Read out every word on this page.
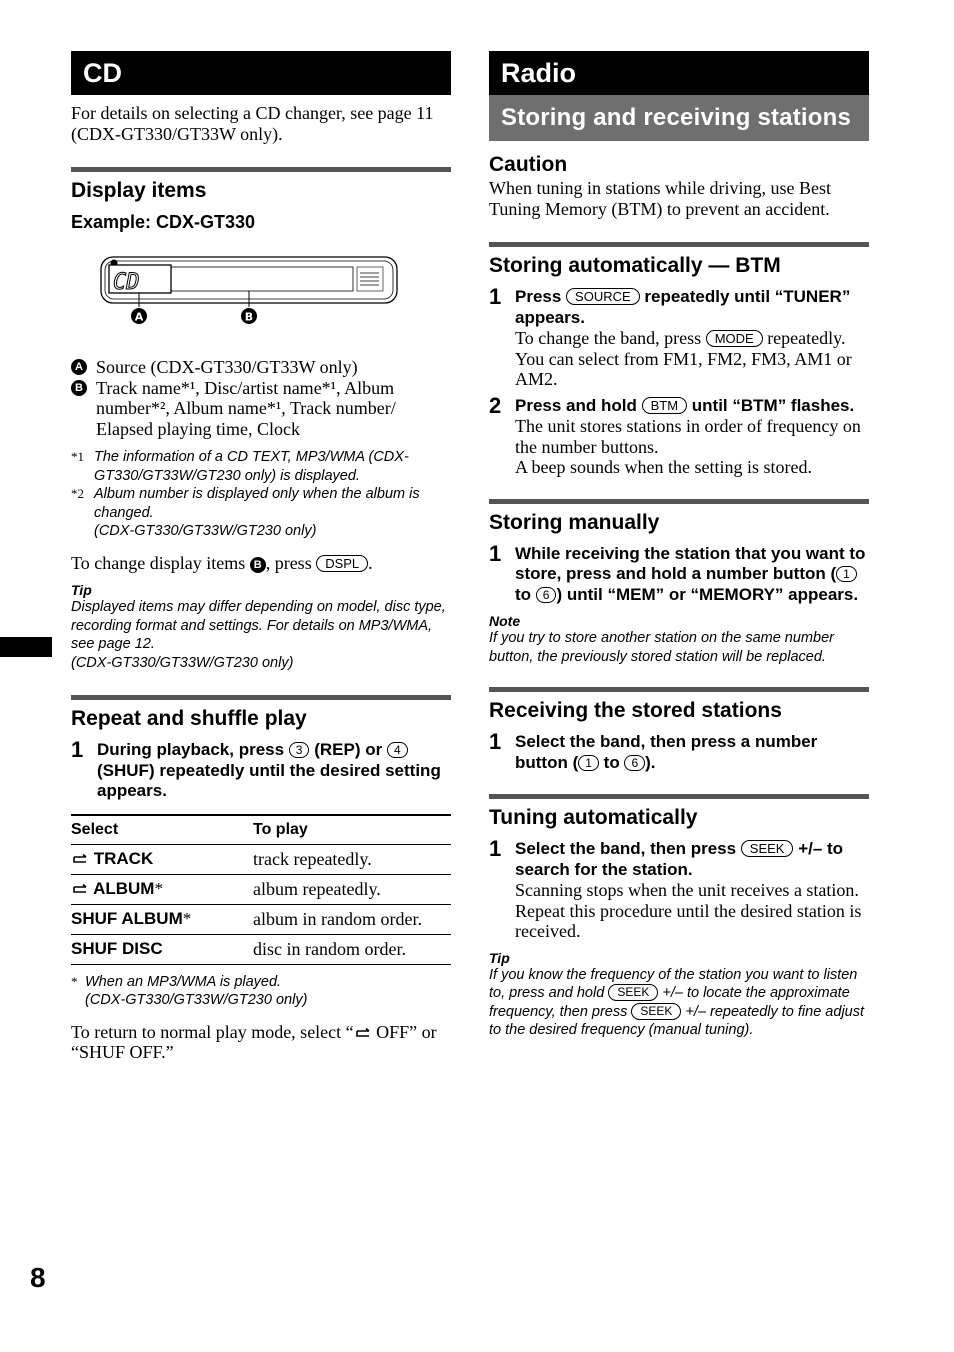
CD
For details on selecting a CD changer, see page 11 (CDX-GT330/GT33W only).
Display items
Example: CDX-GT330
CD
A	B
A Source (CDX-GT330/GT33W only)
B Track name*¹, Disc/artist name*¹, Album number*², Album name*¹, Track number/ Elapsed playing time, Clock
*1 The information of a CD TEXT, MP3/WMA (CDX-GT330/GT33W/GT230 only) is displayed.
*2 Album number is displayed only when the album is changed.
(CDX-GT330/GT33W/GT230 only)
To change display items B , press DSPL .
Tip
Displayed items may differ depending on model, disc type, recording format and settings. For details on MP3/WMA, see page 12.
(CDX-GT330/GT33W/GT230 only)
Repeat and shuffle play
1 During playback, press 3 (REP) or 4 (SHUF) repeatedly until the desired setting appears.
Select	To play
TRACK	track repeatedly.
ALBUM*	album repeatedly.
SHUF ALBUM*	album in random order.
SHUF DISC	disc in random order.
* When an MP3/WMA is played.
(CDX-GT330/GT33W/GT230 only)
To return to normal play mode, select “ OFF” or “SHUF OFF.”
Radio
Storing and receiving stations
Caution
When tuning in stations while driving, use Best Tuning Memory (BTM) to prevent an accident.
Storing automatically — BTM
1 Press SOURCE repeatedly until “TUNER” appears.
To change the band, press MODE repeatedly. You can select from FM1, FM2, FM3, AM1 or AM2.
2 Press and hold BTM until “BTM” flashes.
The unit stores stations in order of frequency on the number buttons.
A beep sounds when the setting is stored.
Storing manually
1 While receiving the station that you want to store, press and hold a number button ( 1 to 6 ) until “MEM” or “MEMORY” appears.
Note
If you try to store another station on the same number button, the previously stored station will be replaced.
Receiving the stored stations
1 Select the band, then press a number button ( 1 to 6 ).
Tuning automatically
1 Select the band, then press SEEK +/– to search for the station.
Scanning stops when the unit receives a station. Repeat this procedure until the desired station is received.
Tip
If you know the frequency of the station you want to listen to, press and hold SEEK +/– to locate the approximate frequency, then press SEEK +/– repeatedly to fine adjust to the desired frequency (manual tuning).
8
